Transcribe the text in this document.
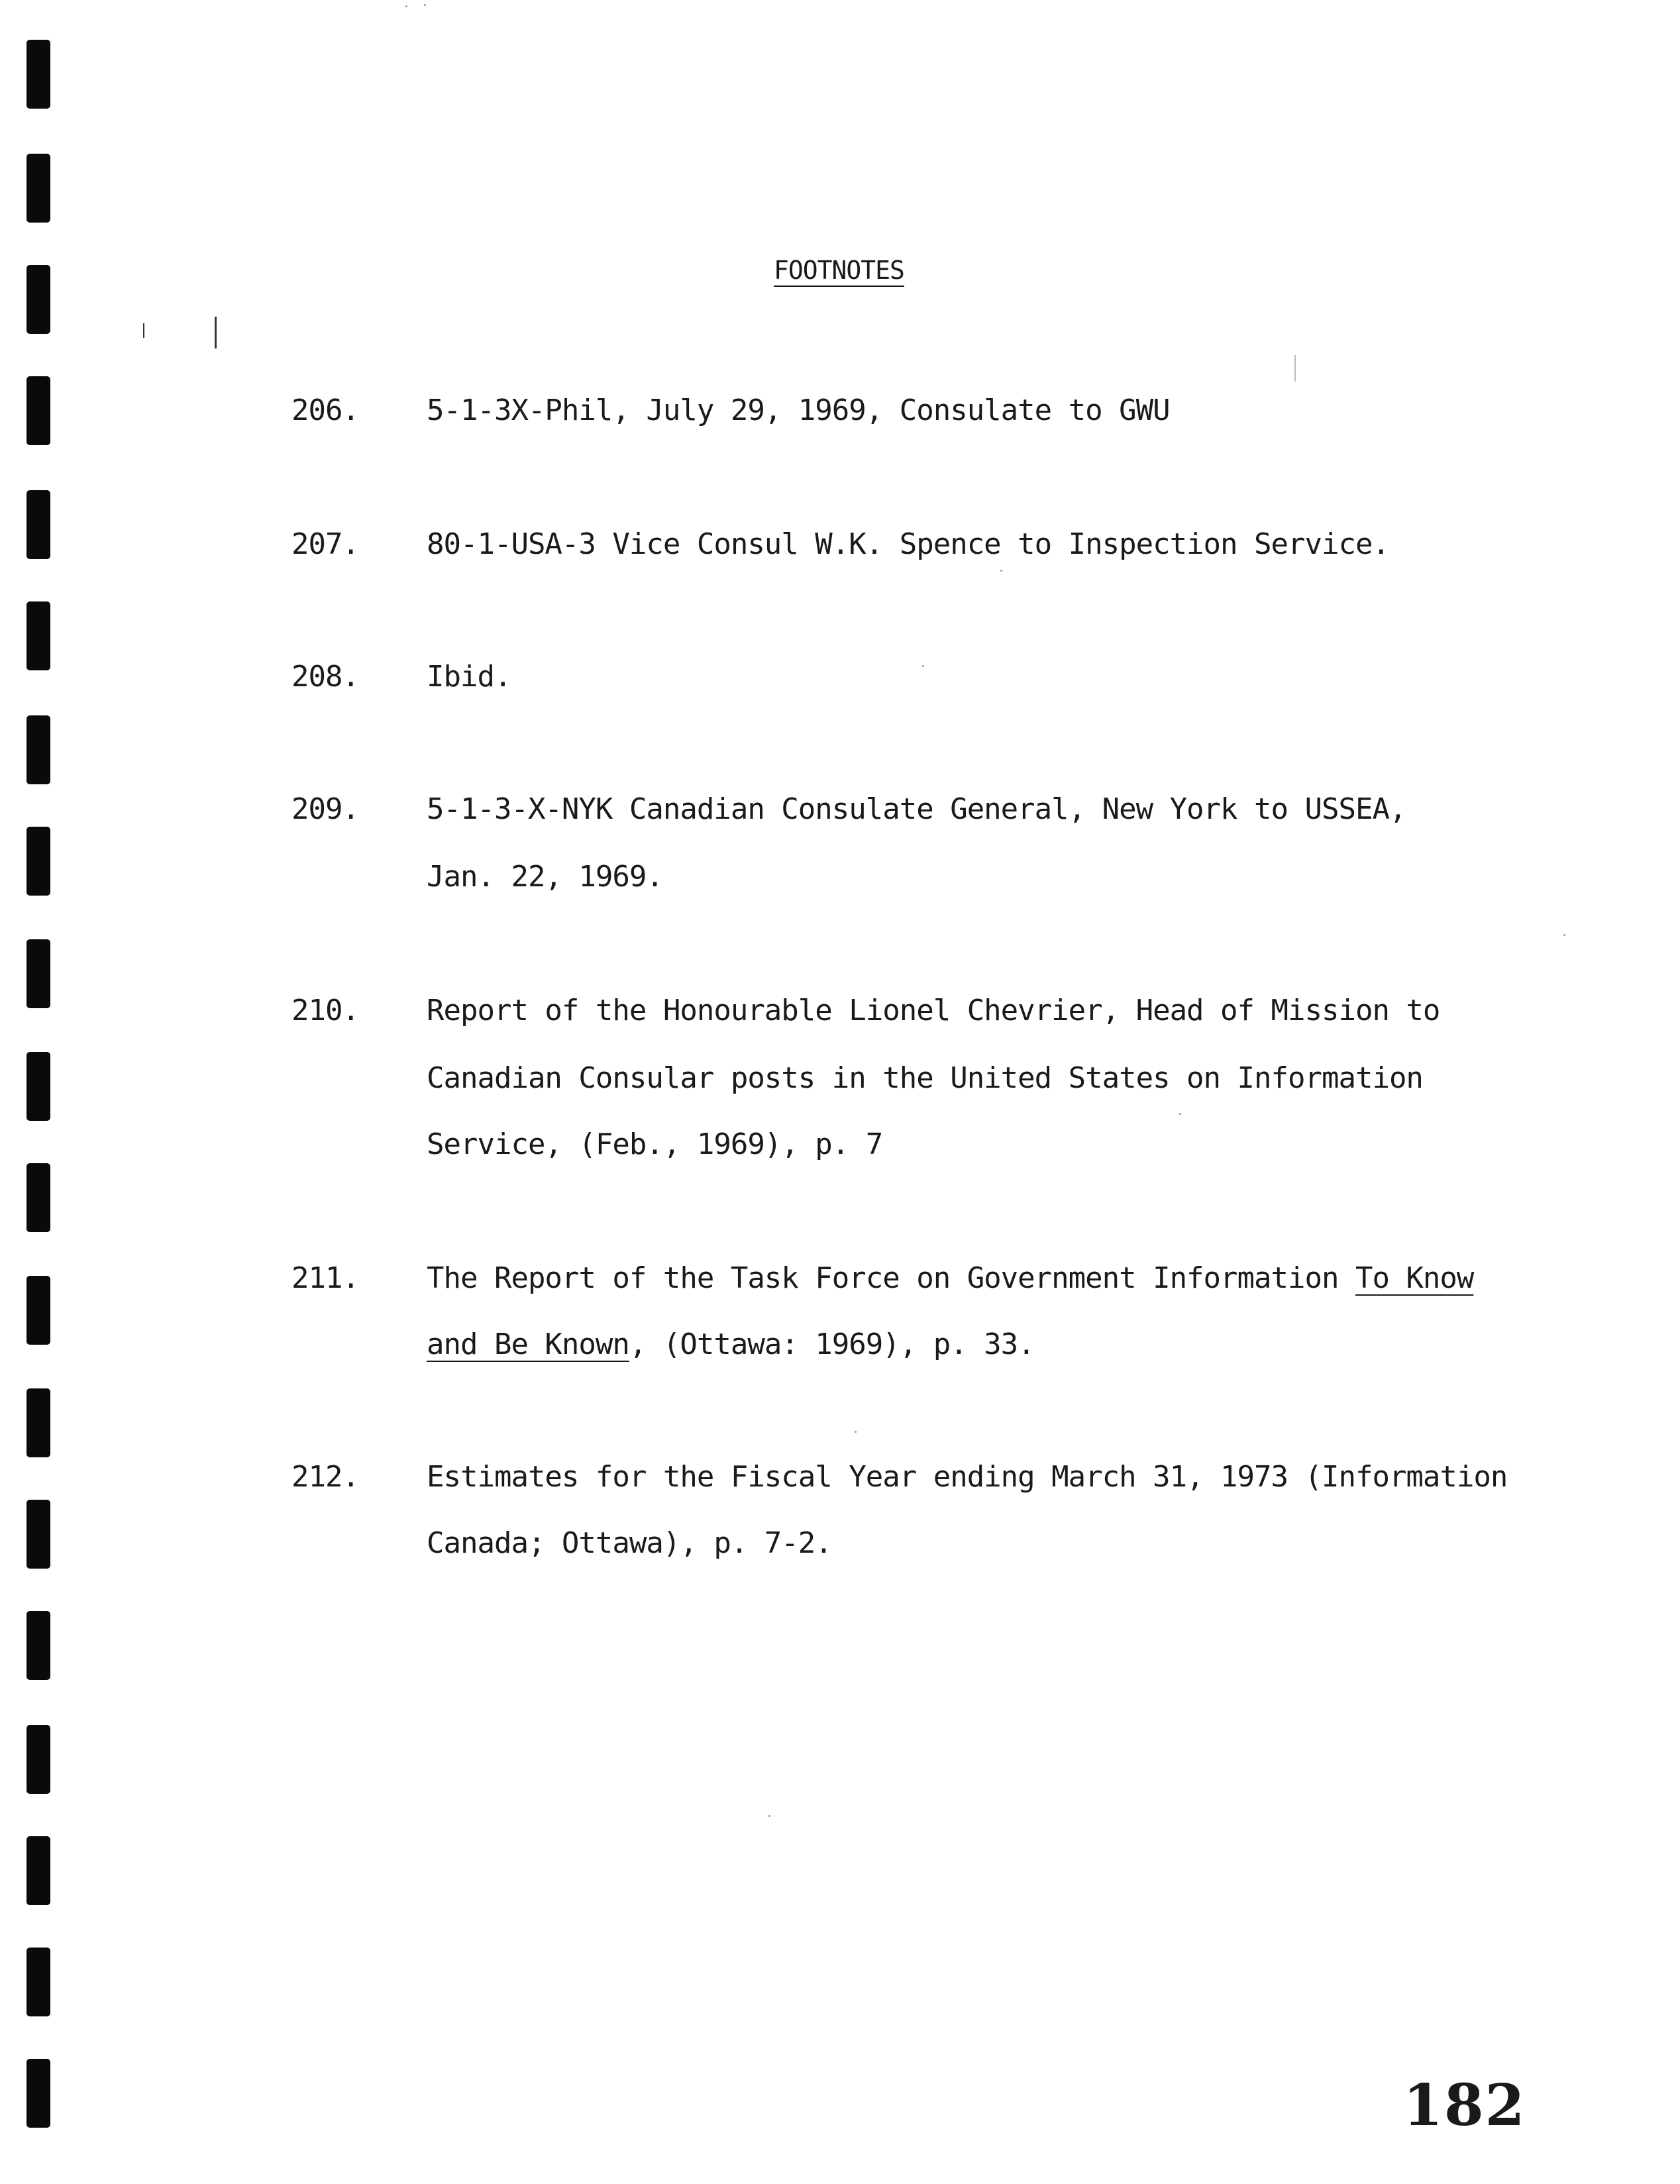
FOOTNOTES
206. 5-1-3X-Phil, July 29, 1969, Consulate to GWU
207. 80-1-USA-3 Vice Consul W.K. Spence to Inspection Service.
208. Ibid.
209. 5-1-3-X-NYK Canadian Consulate General, New York to USSEA,
Jan. 22, 1969.
210. Report of the Honourable Lionel Chevrier, Head of Mission to
Canadian Consular posts in the United States on Information
Service, (Feb., 1969), p. 7
211. The Report of the Task Force on Government Information To Know
and Be Known, (Ottawa: 1969), p. 33.
212. Estimates for the Fiscal Year ending March 31, 1973 (Information
Canada; Ottawa), p. 7-2.
182
